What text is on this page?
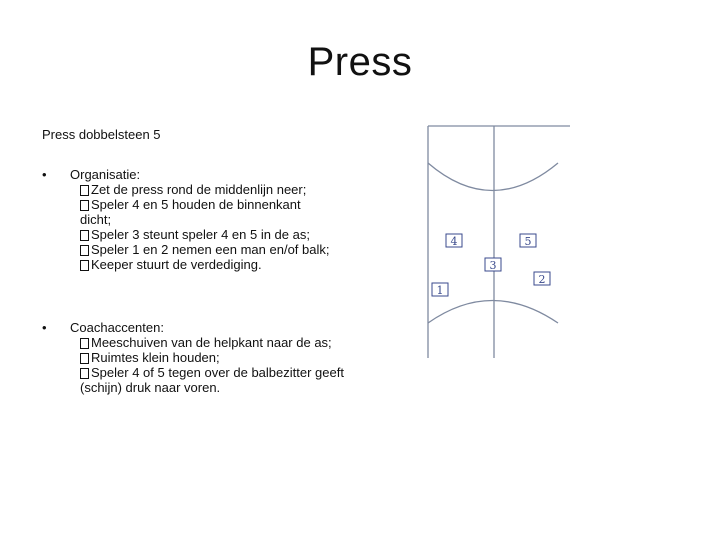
Press
Press dobbelsteen 5
•	Organisatie:
Zet de press rond de middenlijn neer;
Speler 4 en 5 houden de binnenkant dicht;
Speler 3 steunt speler 4 en 5 in de as;
Speler 1 en 2 nemen een man en/of balk;
Keeper stuurt de verdediging.
•	Coachaccenten:
Meeschuiven van de helpkant naar de as;
Ruimtes klein houden;
Speler 4 of 5 tegen over de balbezitter geeft (schijn) druk naar voren.
4	5
3
1
2
